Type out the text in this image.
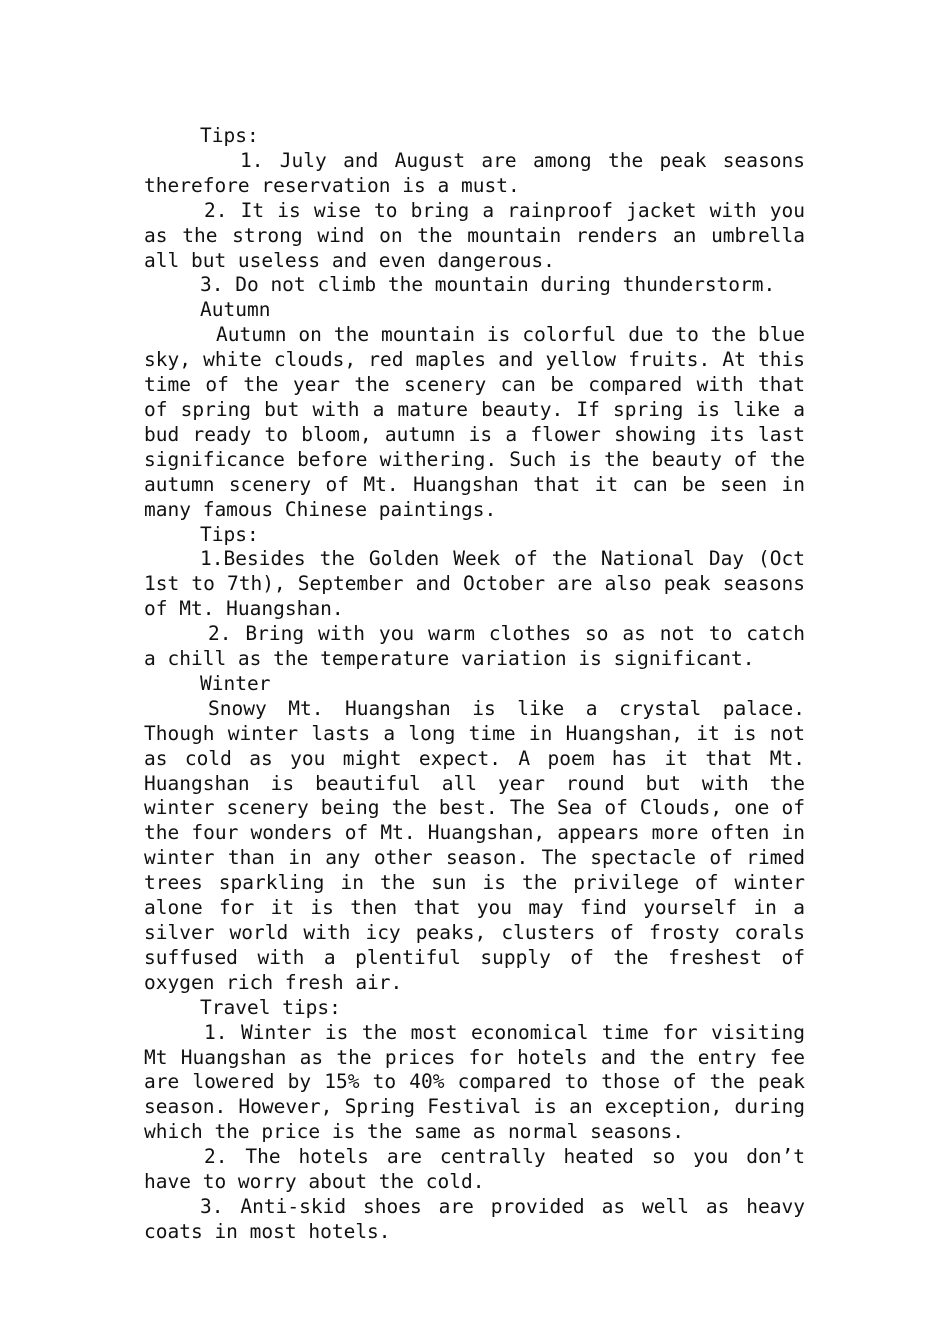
Tips:

1. July and August are among the peak seasons therefore reservation is a must.

2. It is wise to bring a rainproof jacket with you as the strong wind on the mountain renders an umbrella all but useless and even dangerous.

3. Do not climb the mountain during thunderstorm.

Autumn

Autumn on the mountain is colorful due to the blue sky, white clouds, red maples and yellow fruits. At this time of the year the scenery can be compared with that of spring but with a mature beauty. If spring is like a bud ready to bloom, autumn is a flower showing its last significance before withering. Such is the beauty of the autumn scenery of Mt. Huangshan that it can be seen in many famous Chinese paintings.

Tips:

1.Besides the Golden Week of the National Day (Oct 1st to 7th), September and October are also peak seasons of Mt. Huangshan.

2. Bring with you warm clothes so as not to catch a chill as the temperature variation is significant.

Winter

Snowy Mt. Huangshan is like a crystal palace. Though winter lasts a long time in Huangshan, it is not as cold as you might expect. A poem has it that Mt. Huangshan is beautiful all year round but with the winter scenery being the best. The Sea of Clouds, one of the four wonders of Mt. Huangshan, appears more often in winter than in any other season. The spectacle of rimed trees sparkling in the sun is the privilege of winter alone for it is then that you may find yourself in a silver world with icy peaks, clusters of frosty corals suffused with a plentiful supply of the freshest of oxygen rich fresh air.

Travel tips:

1. Winter is the most economical time for visiting Mt Huangshan as the prices for hotels and the entry fee are lowered by 15% to 40% compared to those of the peak season. However, Spring Festival is an exception, during which the price is the same as normal seasons.

2. The hotels are centrally heated so you don’t have to worry about the cold.

3. Anti-skid shoes are provided as well as heavy coats in most hotels.
